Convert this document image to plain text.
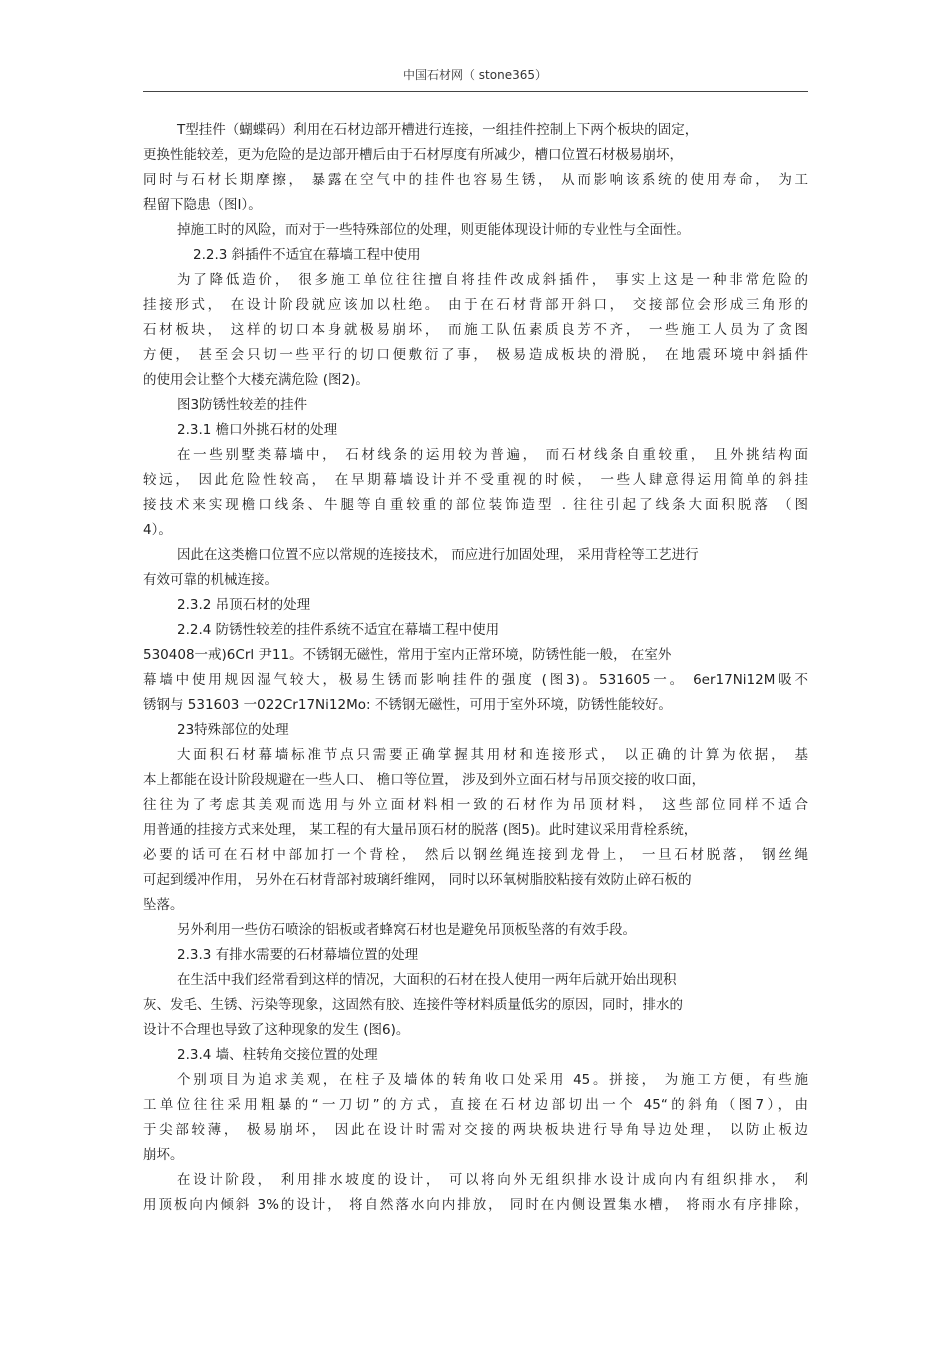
中国石材网（ stone365）
T型挂件（蝴蝶码）利用在石材边部开槽进行连接，一组挂件控制上下两个板块的固定，
更换性能较差，更为危险的是边部开槽后由于石材厚度有所减少，槽口位置石材极易崩坏，
同时与石材长期摩擦， 暴露在空气中的挂件也容易生锈， 从而影响该系统的使用寿命， 为工
程留下隐患（图I）。
掉施工时的风险，而对于一些特殊部位的处理，则更能体现设计师的专业性与全面性。
2.2.3 斜插件不适宜在幕墙工程中使用
为了降低造价， 很多施工单位往往擅自将挂件改成斜插件， 事实上这是一种非常危险的
挂接形式， 在设计阶段就应该加以杜绝。 由于在石材背部开斜口， 交接部位会形成三角形的
石材板块， 这样的切口本身就极易崩坏， 而施工队伍素质良芳不齐， 一些施工人员为了贪图
方便， 甚至会只切一些平行的切口便敷衍了事， 极易造成板块的滑脱， 在地震环境中斜插件
的使用会让整个大楼充满危险 (图2)。
图3防锈性较差的挂件
2.3.1 檐口外挑石材的处理
在一些别墅类幕墙中， 石材线条的运用较为普遍， 而石材线条自重较重， 且外挑结构面
较远， 因此危险性较高， 在早期幕墙设计并不受重视的时候， 一些人肆意得运用简单的斜挂
接技术来实现檐口线条、牛腿等自重较重的部位装饰造型 . 往往引起了线条大面积脱落 （图
4）。
因此在这类檐口位置不应以常规的连接技术， 而应进行加固处理， 采用背栓等工艺进行
有效可靠的机械连接。
2.3.2 吊顶石材的处理
2.2.4 防锈性较差的挂件系统不适宜在幕墙工程中使用
530408一戒)6Crl 尹11。不锈钢无磁性，常用于室内正常环境，防锈性能一般， 在室外
幕墙中使用规因湿气较大，极易生锈而影响挂件的强度 (图3)。531605一。 6er17Ni12M吸不
锈钢与 531603 一022Cr17Ni12Mo: 不锈钢无磁性，可用于室外环境，防锈性能较好。
23特殊部位的处理
大面积石材幕墙标准节点只需要正确掌握其用材和连接形式， 以正确的计算为依据， 基
本上都能在设计阶段规避在一些人口、 檐口等位置， 涉及到外立面石材与吊顶交接的收口面，
往往为了考虑其美观而选用与外立面材料相一致的石材作为吊顶材料， 这些部位同样不适合
用普通的挂接方式来处理， 某工程的有大量吊顶石材的脱落 (图5)。此时建议采用背栓系统，
必要的话可在石材中部加打一个背栓， 然后以钢丝绳连接到龙骨上， 一旦石材脱落， 钢丝绳
可起到缓冲作用， 另外在石材背部衬玻璃纤维网， 同时以环氧树脂胶粘接有效防止碎石板的
坠落。
另外利用一些仿石喷涂的铝板或者蜂窝石材也是避免吊顶板坠落的有效手段。
2.3.3 有排水需要的石材幕墙位置的处理
在生活中我们经常看到这样的情况，大面积的石材在投人使用一两年后就开始出现积
灰、发毛、生锈、污染等现象，这固然有胶、连接件等材料质量低劣的原因，同时，排水的
设计不合理也导致了这种现象的发生 (图6)。
2.3.4 墙、柱转角交接位置的处理
个别项目为追求美观，在柱子及墙体的转角收口处采用 45。拼接， 为施工方便，有些施
工单位往往采用粗暴的“一刀切”的方式，直接在石材边部切出一个 45“的斜角（图7），由
于尖部较薄， 极易崩坏， 因此在设计时需对交接的两块板块进行导角导边处理， 以防止板边
崩坏。
在设计阶段， 利用排水坡度的设计， 可以将向外无组织排水设计成向内有组织排水， 利
用顶板向内倾斜 3%的设计， 将自然落水向内排放， 同时在内侧设置集水槽， 将雨水有序排除，
